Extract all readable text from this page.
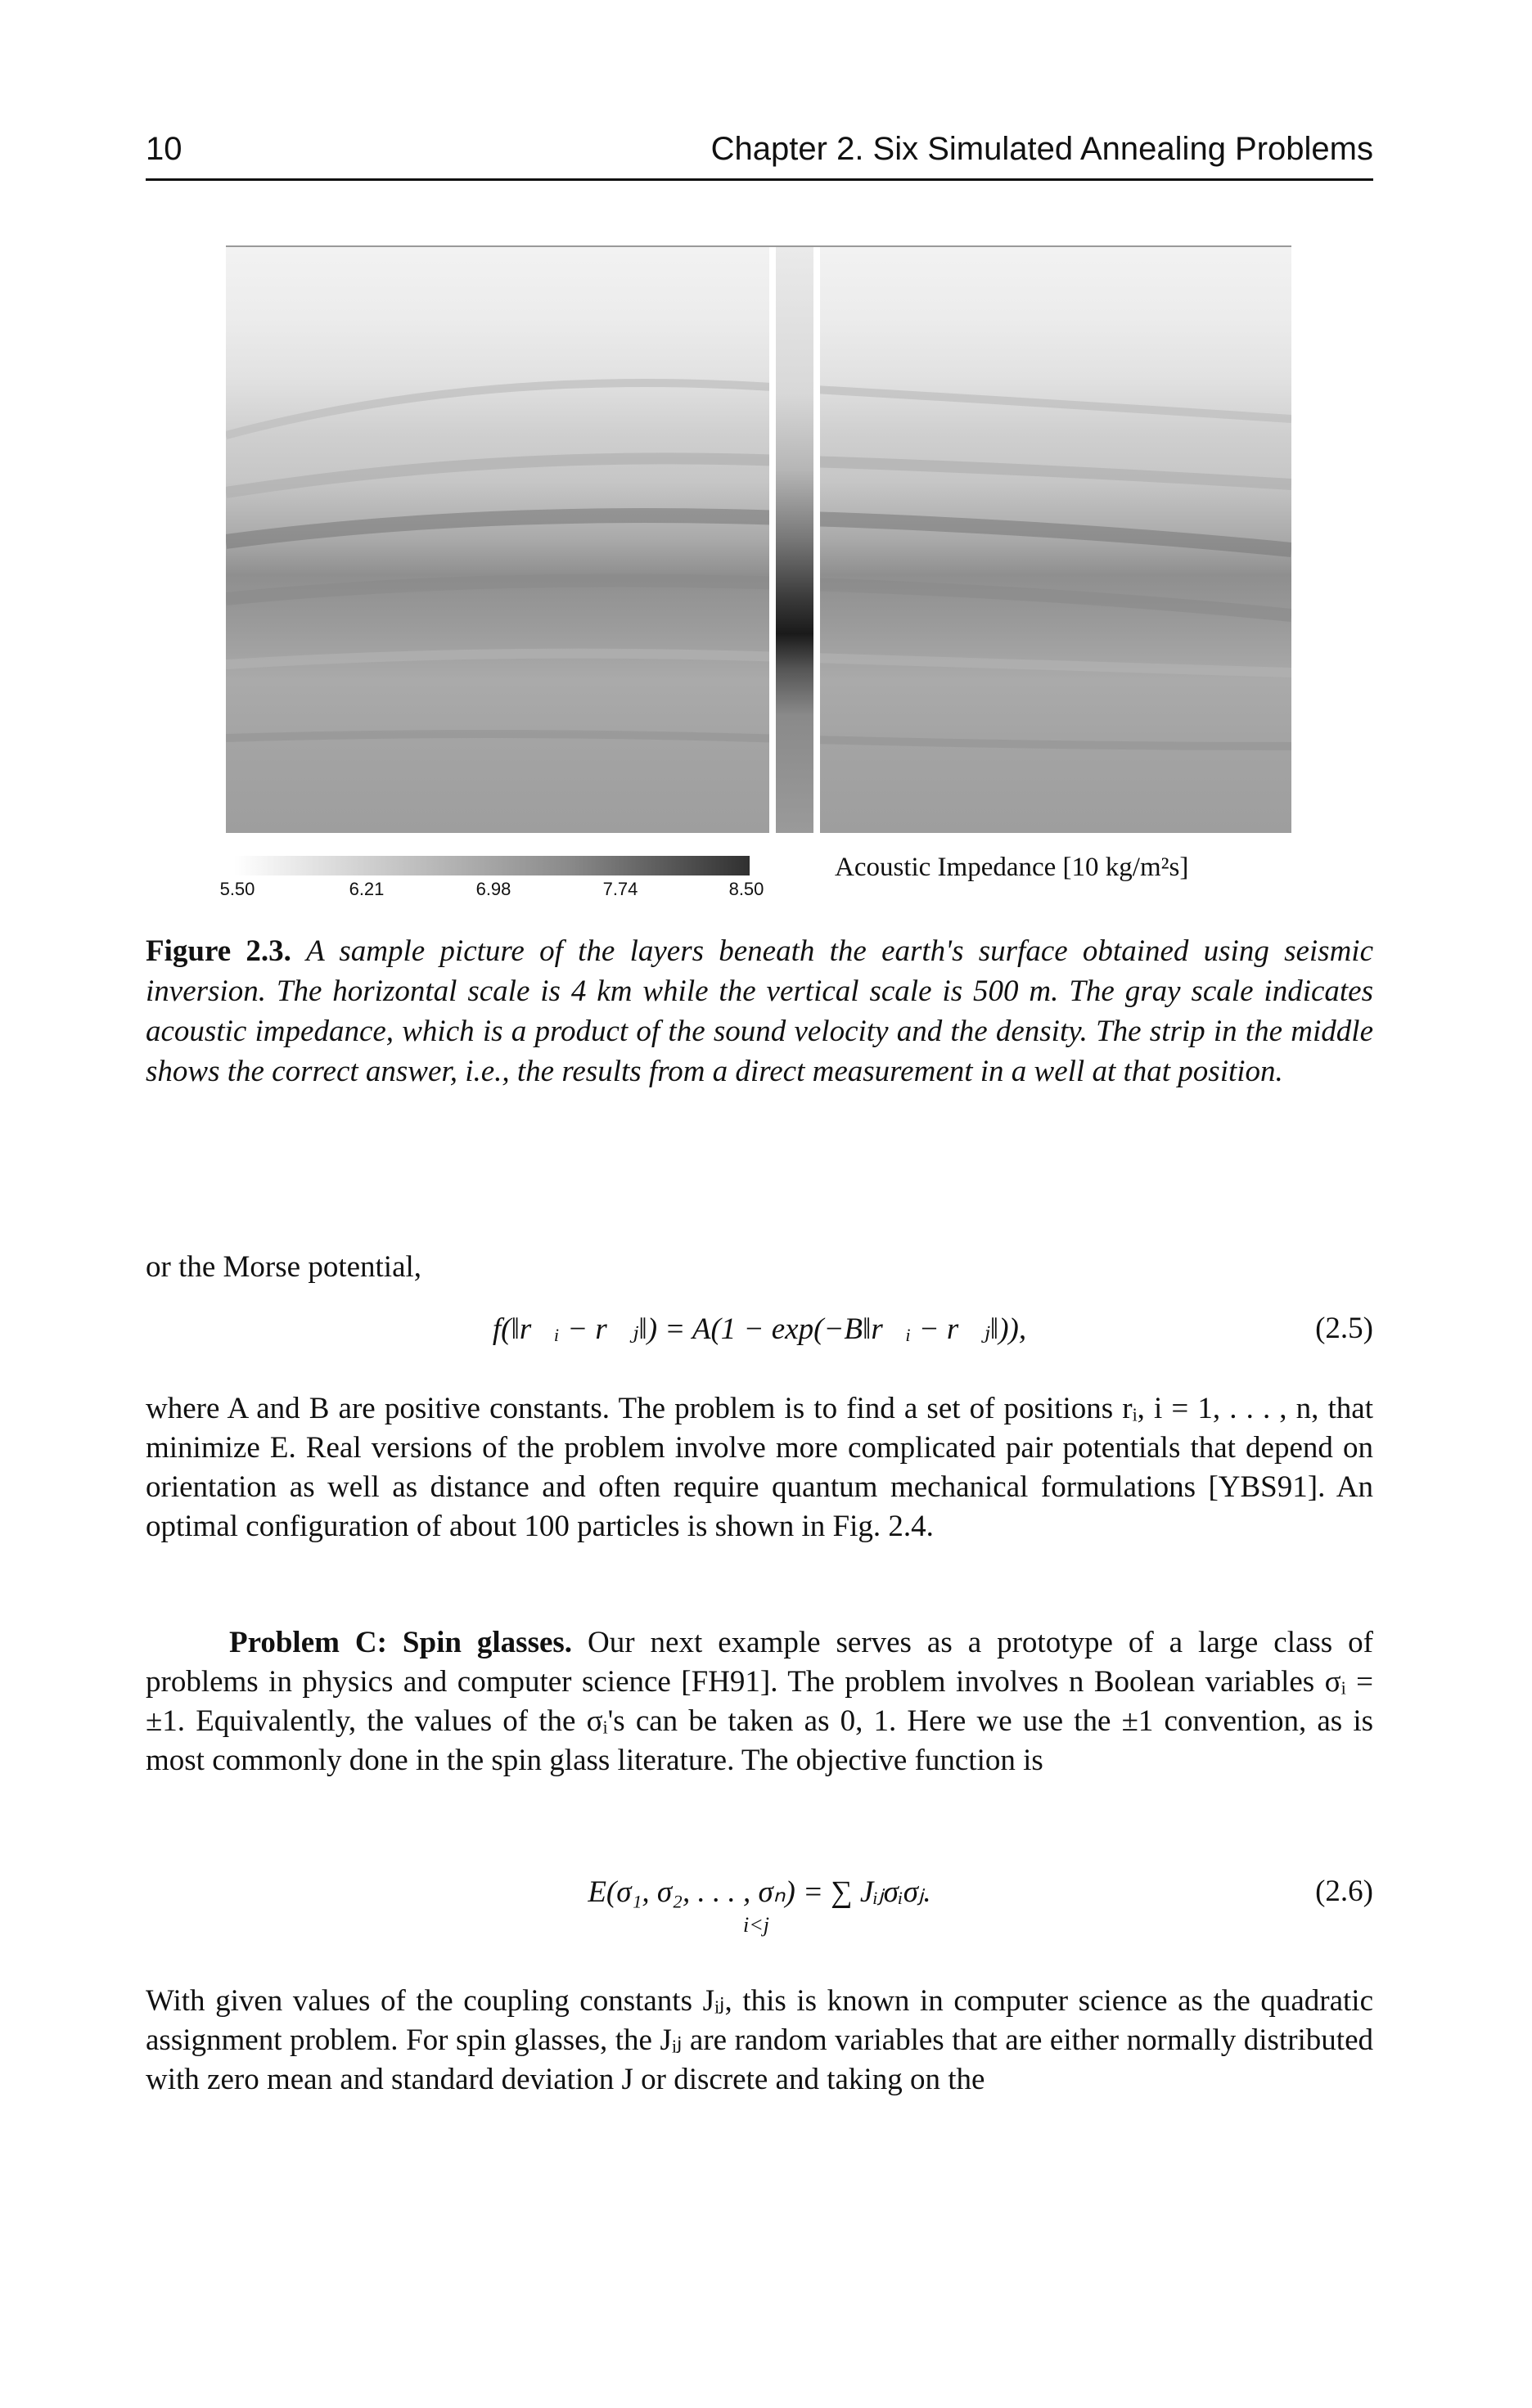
10	Chapter 2. Six Simulated Annealing Problems
5.50	6.21	6.98	7.74	8.50
Acoustic Impedance [10 kg/m²s]
Figure 2.3. A sample picture of the layers beneath the earth's surface obtained using seismic inversion. The horizontal scale is 4 km while the vertical scale is 500 m. The gray scale indicates acoustic impedance, which is a product of the sound velocity and the density. The strip in the middle shows the correct answer, i.e., the results from a direct measurement in a well at that position.

or the Morse potential,

f(‖r⃗ᵢ − r⃗ⱼ‖) = A(1 − exp(−B‖r⃗ᵢ − r⃗ⱼ‖)),	(2.5)

where A and B are positive constants. The problem is to find a set of positions rᵢ, i = 1, . . . , n, that minimize E. Real versions of the problem involve more complicated pair potentials that depend on orientation as well as distance and often require quantum mechanical formulations [YBS91]. An optimal configuration of about 100 particles is shown in Fig. 2.4.

Problem C: Spin glasses. Our next example serves as a prototype of a large class of problems in physics and computer science [FH91]. The problem involves n Boolean variables σᵢ = ±1. Equivalently, the values of the σᵢ's can be taken as 0, 1. Here we use the ±1 convention, as is most commonly done in the spin glass literature. The objective function is

E(σ₁, σ₂, . . . , σₙ) = ∑ Jᵢⱼσᵢσⱼ.
i<j
(2.6)

With given values of the coupling constants Jᵢⱼ, this is known in computer science as the quadratic assignment problem. For spin glasses, the Jᵢⱼ are random variables that are either normally distributed with zero mean and standard deviation J or discrete and taking on the
